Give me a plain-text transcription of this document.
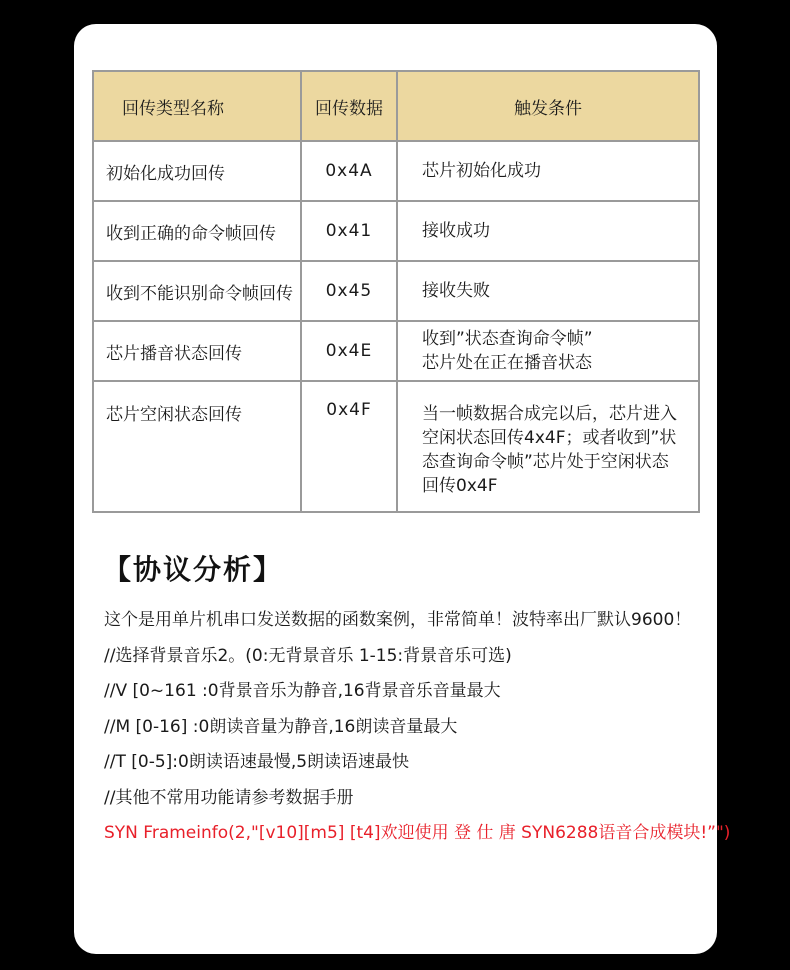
回传类型名称	回传数据	触发条件
初始化成功回传	0x4A	芯片初始化成功

收到正确的命令帧回传	0x41	接收成功

收到不能识别命令帧回传	0x45	接收失败

芯片播音状态回传	0x4E	收到”状态查询命令帧”
芯片处在正在播音状态

芯片空闲状态回传	0x4F	当一帧数据合成完以后，芯片进入
空闲状态回传4x4F；或者收到”状
态查询命令帧”芯片处于空闲状态
回传0x4F
【协议分析】
这个是用单片机串口发送数据的函数案例，非常简单！波特率出厂默认9600！
//选择背景音乐2。(0:无背景音乐 1-15:背景音乐可选)
//V [0~161 :0背景音乐为静音,16背景音乐音量最大
//M [0-16] :0朗读音量为静音,16朗读音量最大
//T [0-5]:0朗读语速最慢,5朗读语速最快
//其他不常用功能请参考数据手册
SYN Frameinfo(2,"[v10][m5] [t4]欢迎使用 登 仕 唐 SYN6288语音合成模块!”")
